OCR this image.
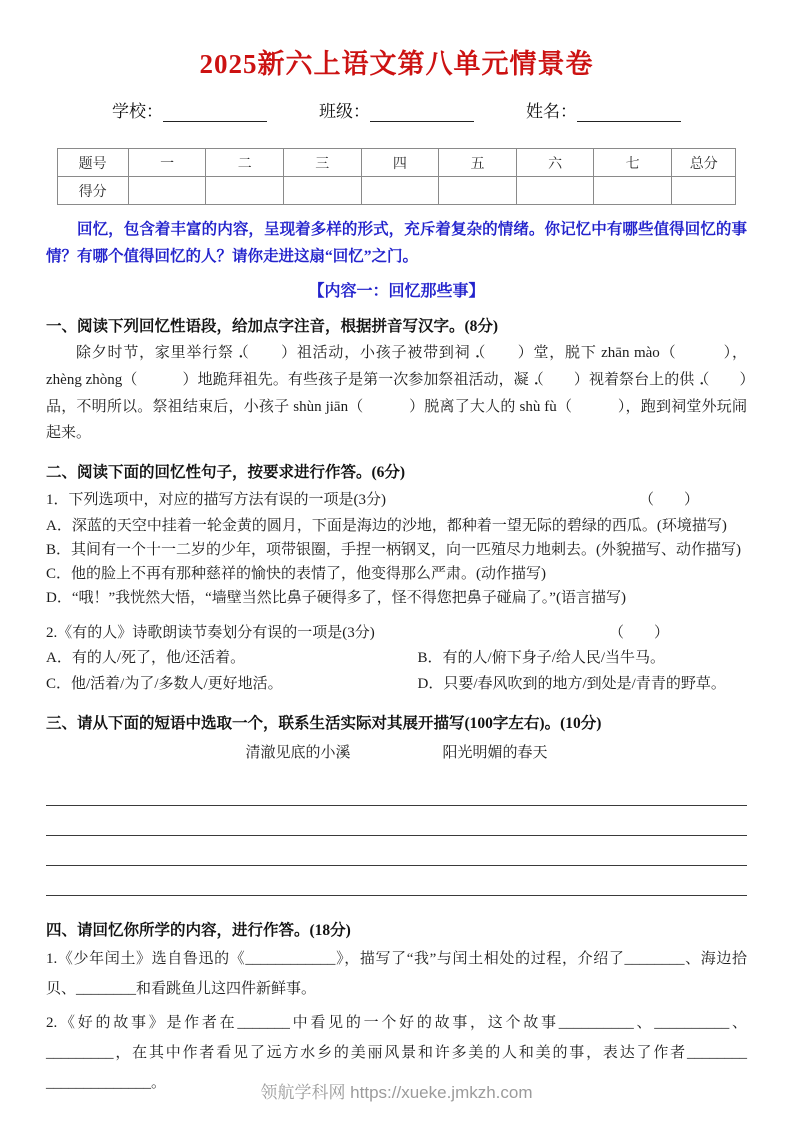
2025新六上语文第八单元情景卷
学校：	班级：	姓名：
题号	一	二	三	四	五	六	七	总分
得分								
回忆，包含着丰富的内容，呈现着多样的形式，充斥着复杂的情绪。你记忆中有哪些值得回忆的事情？有哪个值得回忆的人？请你走进这扇“回忆”之门。
【内容一：回忆那些事】
一、阅读下列回忆性语段，给加点字注音，根据拼音写汉字。(8分)
除夕时节，家里举行祭 ·（　　）祖活动，小孩子被带到祠 ·（　　）堂，脱下 zhān mào（　　　），zhèng zhòng（　　　）地跪拜祖先。有些孩子是第一次参加祭祖活动，凝 ·（　　）视着祭台上的供 ·（　　）品，不明所以。祭祖结束后，小孩子 shùn jiān（　　　）脱离了大人的 shù fù（　　　），跑到祠堂外玩闹起来。
二、阅读下面的回忆性句子，按要求进行作答。(6分)
1．下列选项中，对应的描写方法有误的一项是(3分)	（　　）
A．深蓝的天空中挂着一轮金黄的圆月，下面是海边的沙地，都种着一望无际的碧绿的西瓜。(环境描写)
B．其间有一个十一二岁的少年，项带银圈，手捏一柄钢叉，向一匹殖尽力地刺去。(外貌描写、动作描写)
C．他的脸上不再有那种慈祥的愉快的表情了，他变得那么严肃。(动作描写)
D．“哦！”我恍然大悟，“墙壁当然比鼻子硬得多了，怪不得您把鼻子碰扁了。”(语言描写)
2.《有的人》诗歌朗读节奏划分有误的一项是(3分)	（　　）
A．有的人/死了，他/还活着。	B．有的人/俯下身子/给人民/当牛马。
C．他/活着/为了/多数人/更好地活。	D．只要/春风吹到的地方/到处是/青青的野草。
三、请从下面的短语中选取一个，联系生活实际对其展开描写(100字左右)。(10分)
清澈见底的小溪	阳光明媚的春天
四、请回忆你所学的内容，进行作答。(18分)
1.《少年闰土》选自鲁迅的《____________》，描写了“我”与闰土相处的过程，介绍了________、海边拾贝、________和看跳鱼儿这四件新鲜事。
2.《好的故事》是作者在_______中看见的一个好的故事，这个故事__________、__________、_________，在其中作者看见了远方水乡的美丽风景和许多美的人和美的事，表达了作者________ ______________。
领航学科网 https://xueke.jmkzh.com
